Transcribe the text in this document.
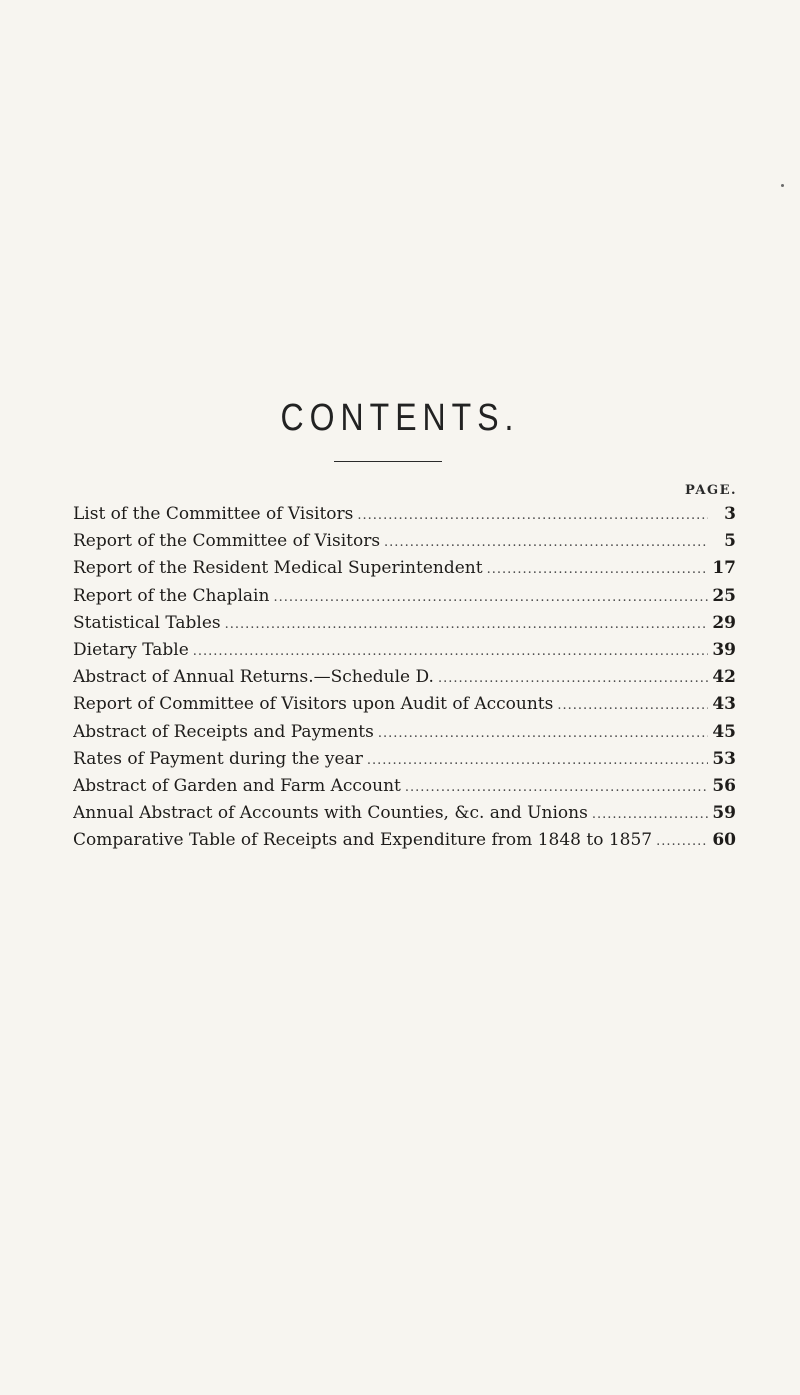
CONTENTS.
PAGE.
List of the Committee of Visitors .....	3
Report of the Committee of Visitors .....	5
Report of the Resident Medical Superintendent .....	17
Report of the Chaplain .....	25
Statistical Tables .....	29
Dietary Table .....	39
Abstract of Annual Returns.—Schedule D. .....	42
Report of Committee of Visitors upon Audit of Accounts .....	43
Abstract of Receipts and Payments .....	45
Rates of Payment during the year .....	53
Abstract of Garden and Farm Account .....	56
Annual Abstract of Accounts with Counties, &c. and Unions .....	59
Comparative Table of Receipts and Expenditure from 1848 to 1857 .....	60
